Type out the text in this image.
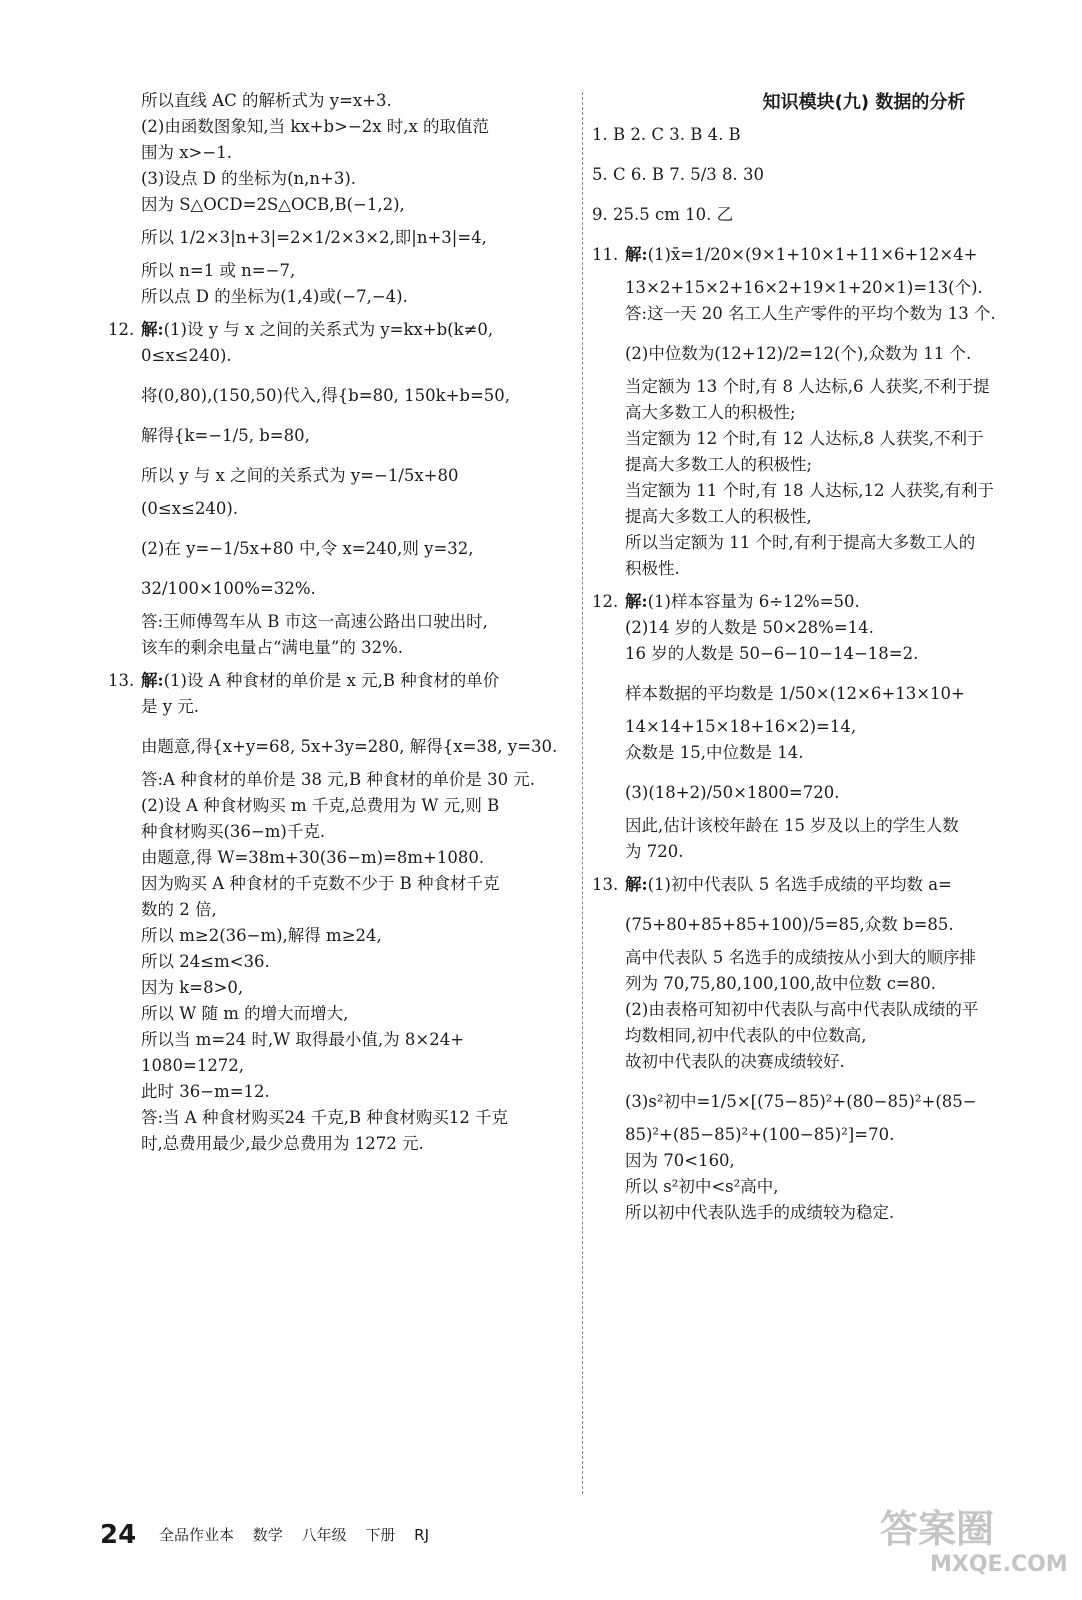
所以直线 AC 的解析式为 y=x+3.
(2)由函数图象知,当 kx+b>−2x 时,x 的取值范
围为 x>−1.
(3)设点 D 的坐标为(n,n+3).
因为 S△OCD=2S△OCB,B(−1,2),
所以 1/2×3|n+3|=2×1/2×3×2,即|n+3|=4,
所以 n=1 或 n=−7,
所以点 D 的坐标为(1,4)或(−7,−4).
12. 解:(1)设 y 与 x 之间的关系式为 y=kx+b(k≠0,
0≤x≤240).
将(0,80),(150,50)代入,得{b=80, 150k+b=50,
解得{k=−1/5, b=80,
所以 y 与 x 之间的关系式为 y=−1/5x+80
(0≤x≤240).
(2)在 y=−1/5x+80 中,令 x=240,则 y=32,
32/100×100%=32%.
答:王师傅驾车从 B 市这一高速公路出口驶出时,
该车的剩余电量占“满电量”的 32%.
13. 解:(1)设 A 种食材的单价是 x 元,B 种食材的单价
是 y 元.
由题意,得{x+y=68, 5x+3y=280, 解得{x=38, y=30.
答:A 种食材的单价是 38 元,B 种食材的单价是 30 元.
(2)设 A 种食材购买 m 千克,总费用为 W 元,则 B
种食材购买(36−m)千克.
由题意,得 W=38m+30(36−m)=8m+1080.
因为购买 A 种食材的千克数不少于 B 种食材千克
数的 2 倍,
所以 m≥2(36−m),解得 m≥24,
所以 24≤m<36.
因为 k=8>0,
所以 W 随 m 的增大而增大,
所以当 m=24 时,W 取得最小值,为 8×24+
1080=1272,
此时 36−m=12.
答:当 A 种食材购买24 千克,B 种食材购买12 千克
时,总费用最少,最少总费用为 1272 元.
知识模块(九) 数据的分析
1. B 2. C 3. B 4. B
5. C 6. B 7. 5/3 8. 30
9. 25.5 cm 10. 乙
11. 解:(1)x̄=1/20×(9×1+10×1+11×6+12×4+
13×2+15×2+16×2+19×1+20×1)=13(个).
答:这一天 20 名工人生产零件的平均个数为 13 个.
(2)中位数为(12+12)/2=12(个),众数为 11 个.
当定额为 13 个时,有 8 人达标,6 人获奖,不利于提
高大多数工人的积极性;
当定额为 12 个时,有 12 人达标,8 人获奖,不利于
提高大多数工人的积极性;
当定额为 11 个时,有 18 人达标,12 人获奖,有利于
提高大多数工人的积极性,
所以当定额为 11 个时,有利于提高大多数工人的
积极性.
12. 解:(1)样本容量为 6÷12%=50.
(2)14 岁的人数是 50×28%=14.
16 岁的人数是 50−6−10−14−18=2.
样本数据的平均数是 1/50×(12×6+13×10+
14×14+15×18+16×2)=14,
众数是 15,中位数是 14.
(3)(18+2)/50×1800=720.
因此,估计该校年龄在 15 岁及以上的学生人数
为 720.
13. 解:(1)初中代表队 5 名选手成绩的平均数 a=
(75+80+85+85+100)/5=85,众数 b=85.
高中代表队 5 名选手的成绩按从小到大的顺序排
列为 70,75,80,100,100,故中位数 c=80.
(2)由表格可知初中代表队与高中代表队成绩的平
均数相同,初中代表队的中位数高,
故初中代表队的决赛成绩较好.
(3)s²初中=1/5×[(75−85)²+(80−85)²+(85−
85)²+(85−85)²+(100−85)²]=70.
因为 70<160,
所以 s²初中<s²高中,
所以初中代表队选手的成绩较为稳定.
24 全品作业本 数学 八年级 下册 RJ	答案圈
MXQE.COM
